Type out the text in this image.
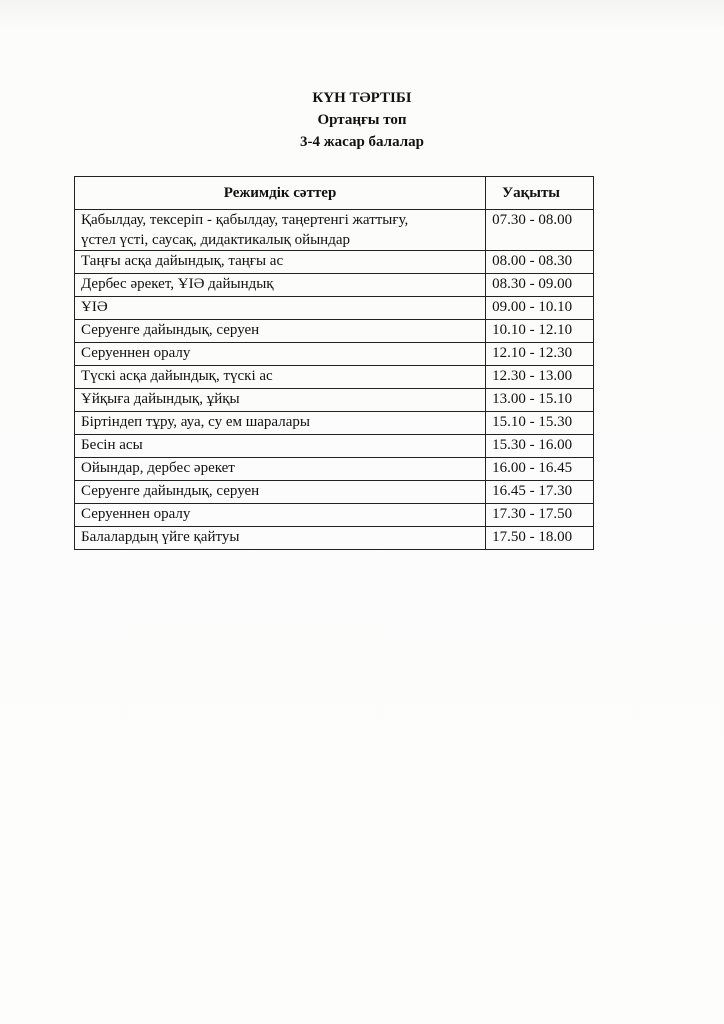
КҮН ТӘРТІБІ
Ортаңғы топ
3-4 жасар балалар
Режимдік сәттер	Уақыты

Қабылдау, тексеріп - қабылдау, таңертенгі жаттығу,
үстел үсті, саусақ, дидактикалық ойындар	07.30 - 08.00
Таңғы асқа дайындық, таңғы ас	08.00 - 08.30
Дербес әрекет, ҰІӘ дайындық	08.30 - 09.00
ҰІӘ	09.00 - 10.10
Серуенге дайындық, серуен	10.10 - 12.10
Серуеннен оралу	12.10 - 12.30
Түскі асқа дайындық, түскі ас	12.30 - 13.00
Ұйқыға дайындық, ұйқы	13.00 - 15.10
Біртіндеп тұру, ауа, су ем шаралары	15.10 - 15.30
Бесін асы	15.30 - 16.00
Ойындар, дербес әрекет	16.00 - 16.45
Серуенге дайындық, серуен	16.45 - 17.30
Серуеннен оралу	17.30 - 17.50
Балалардың үйге қайтуы	17.50 - 18.00
